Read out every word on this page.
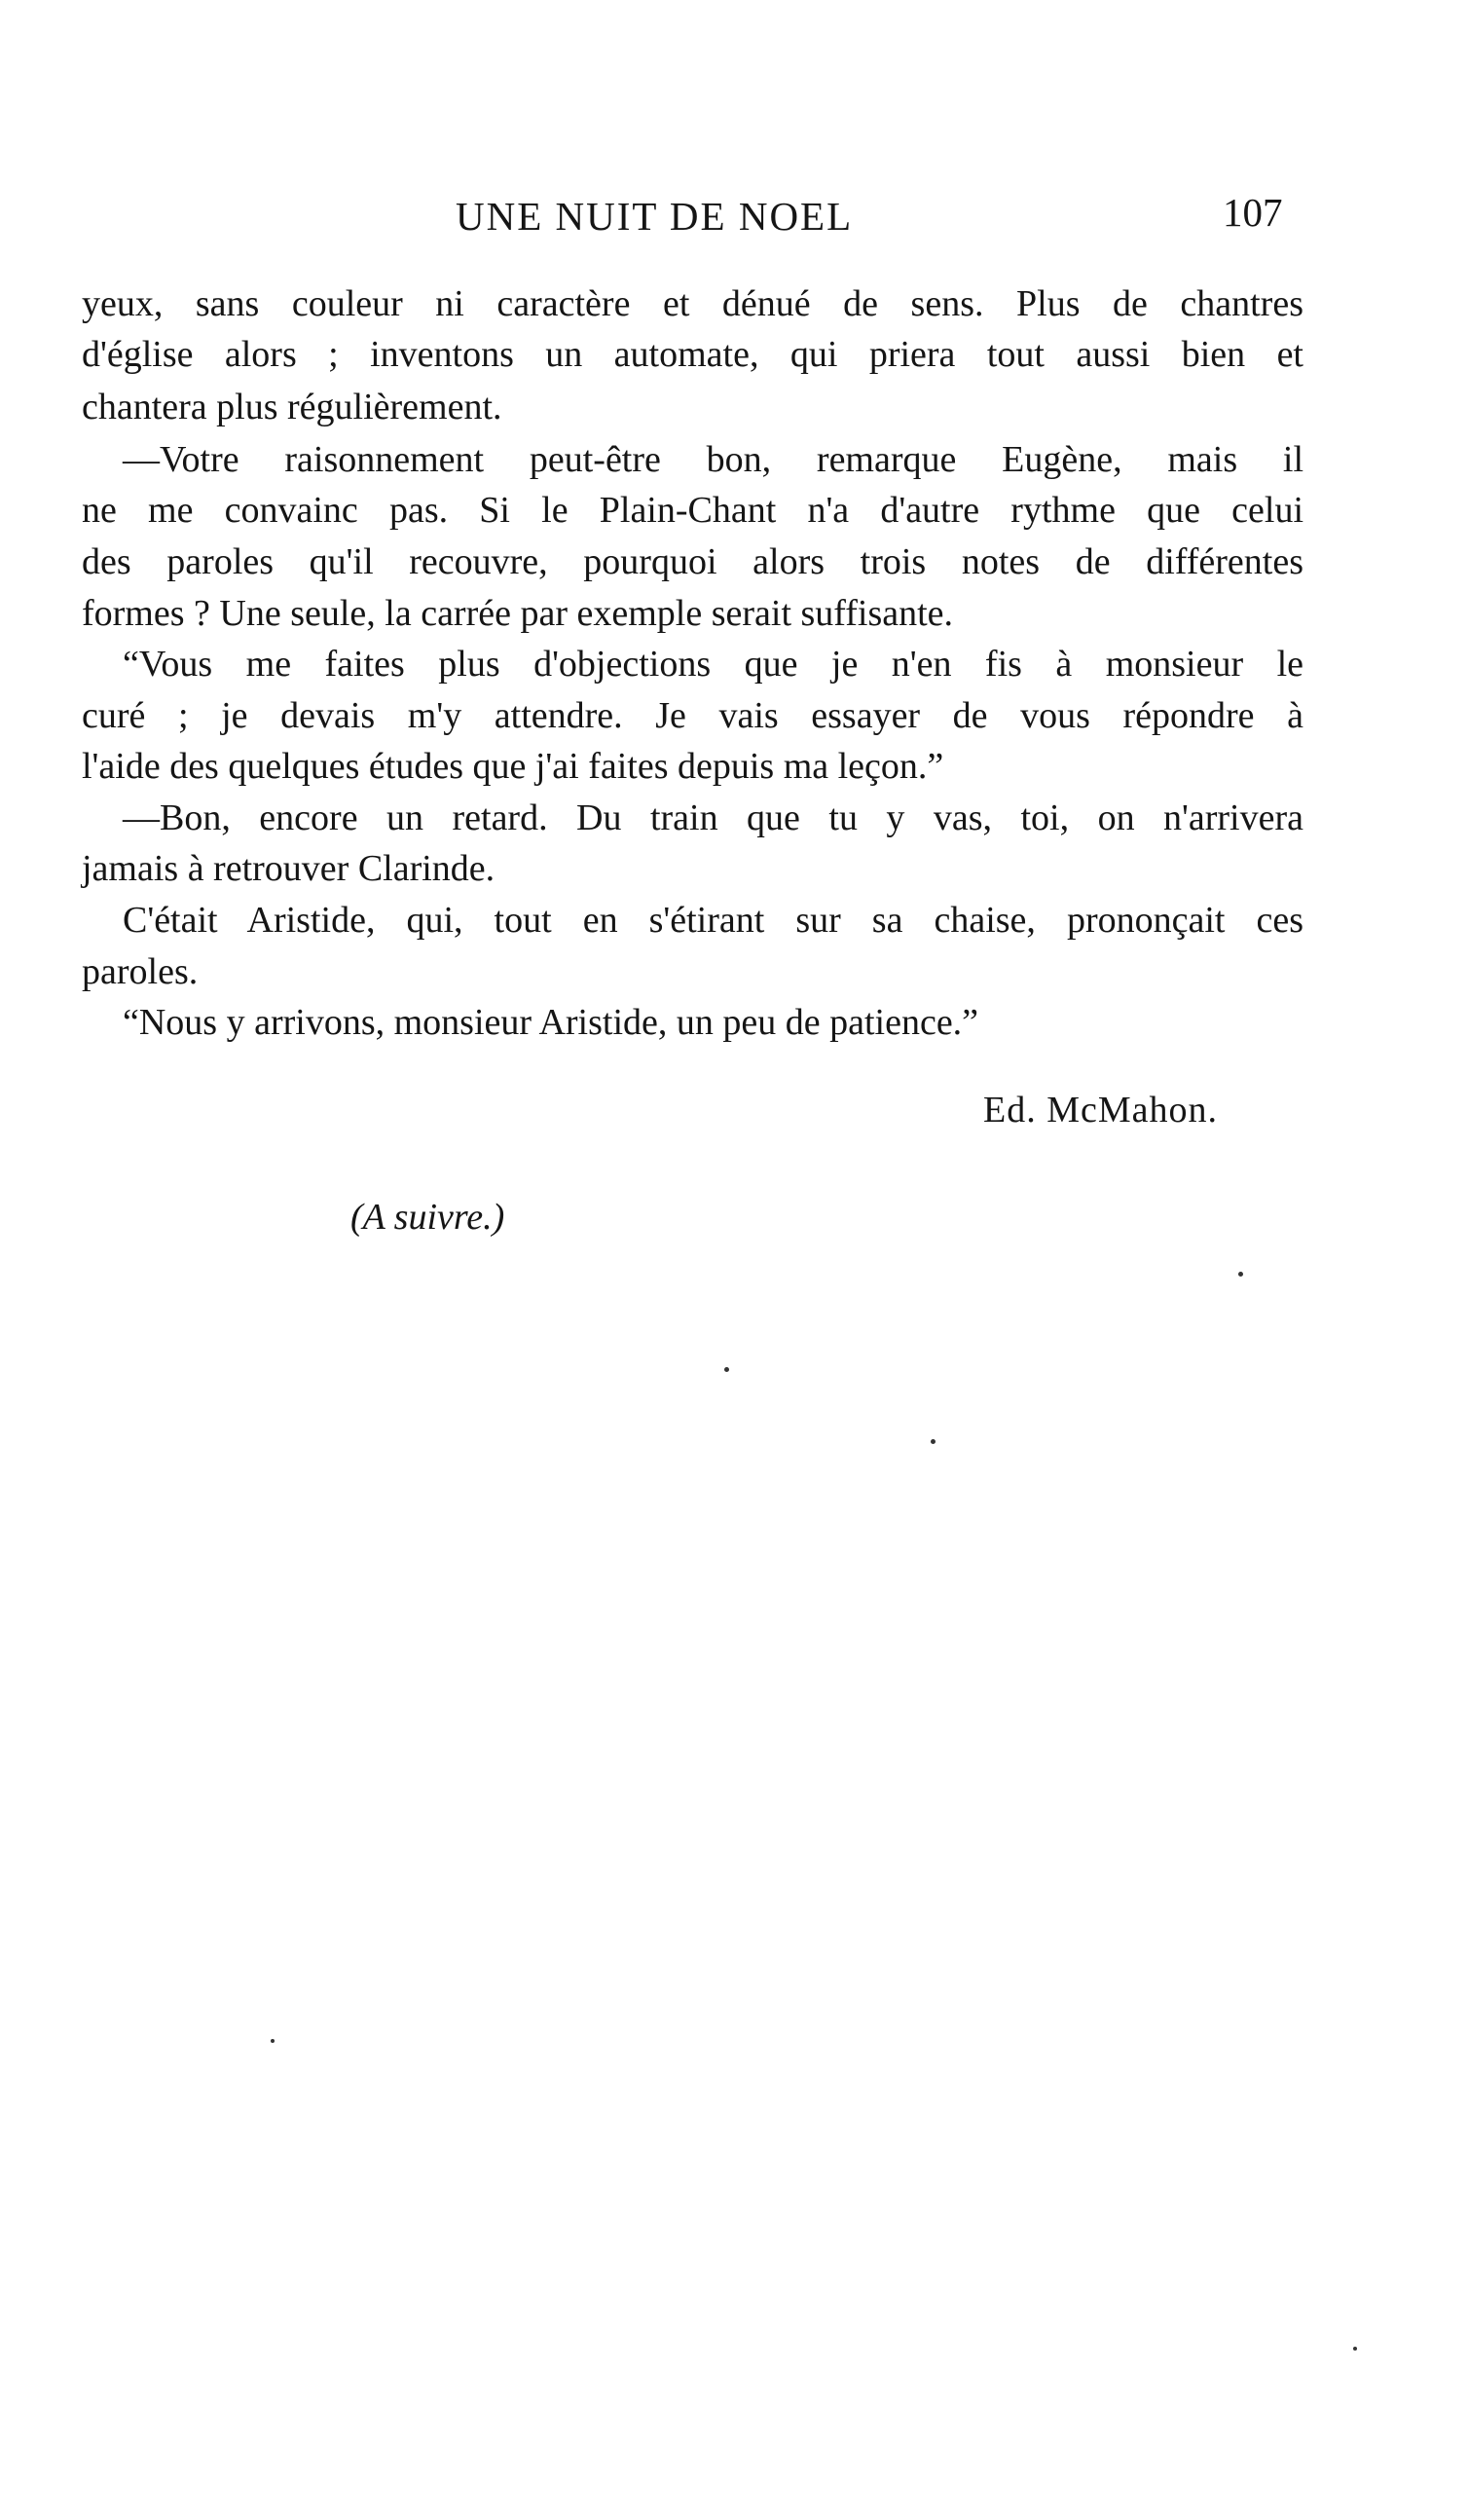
UNE NUIT DE NOEL	107
yeux, sans couleur ni caractère et dénué de sens. Plus de chantres
d'église alors ; inventons un automate, qui priera tout aussi bien et
chantera plus régulièrement.
—Votre raisonnement peut-être bon, remarque Eugène, mais il
ne me convainc pas. Si le Plain-Chant n'a d'autre rythme que celui
des paroles qu'il recouvre, pourquoi alors trois notes de différentes
formes ? Une seule, la carrée par exemple serait suffisante.
“Vous me faites plus d'objections que je n'en fis à monsieur le
curé ; je devais m'y attendre. Je vais essayer de vous répondre à
l'aide des quelques études que j'ai faites depuis ma leçon.”
—Bon, encore un retard. Du train que tu y vas, toi, on n'arrivera
jamais à retrouver Clarinde.
C'était Aristide, qui, tout en s'étirant sur sa chaise, prononçait ces
paroles.
“Nous y arrivons, monsieur Aristide, un peu de patience.”
Ed. McMahon.
(A suivre.)
